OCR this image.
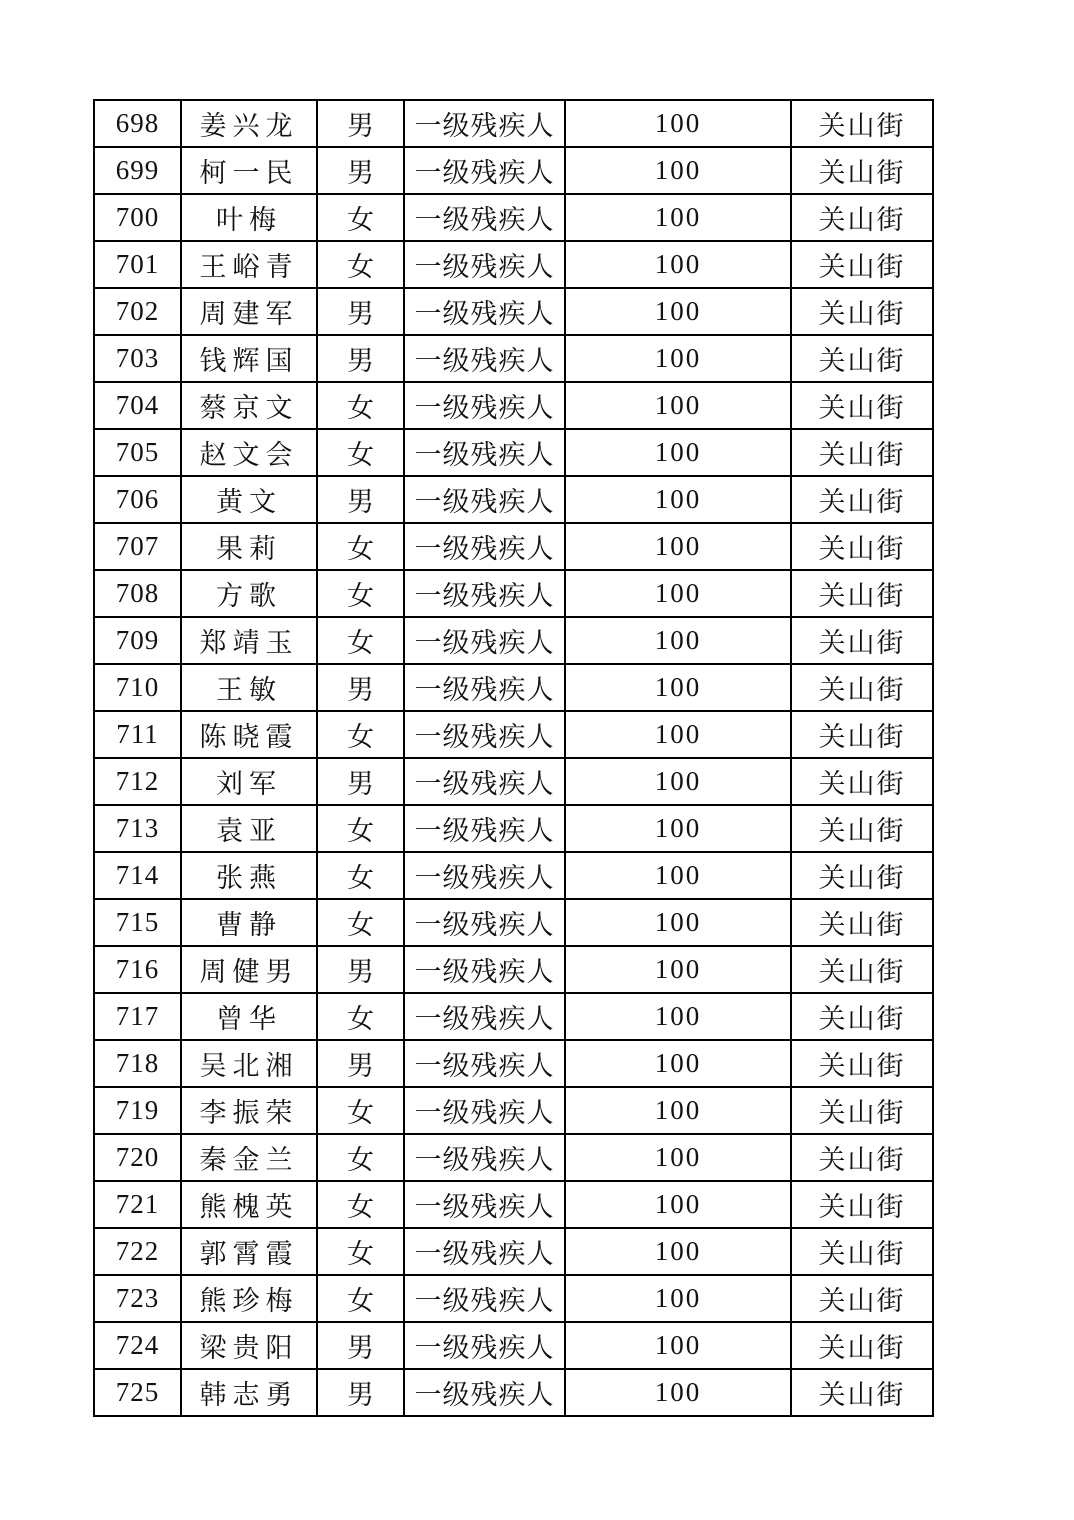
698	姜兴龙	男	一级残疾人	100	关山街
699	柯一民	男	一级残疾人	100	关山街
700	叶梅	女	一级残疾人	100	关山街
701	王峪青	女	一级残疾人	100	关山街
702	周建军	男	一级残疾人	100	关山街
703	钱辉国	男	一级残疾人	100	关山街
704	蔡京文	女	一级残疾人	100	关山街
705	赵文会	女	一级残疾人	100	关山街
706	黄文	男	一级残疾人	100	关山街
707	果莉	女	一级残疾人	100	关山街
708	方歌	女	一级残疾人	100	关山街
709	郑靖玉	女	一级残疾人	100	关山街
710	王敏	男	一级残疾人	100	关山街
711	陈晓霞	女	一级残疾人	100	关山街
712	刘军	男	一级残疾人	100	关山街
713	袁亚	女	一级残疾人	100	关山街
714	张燕	女	一级残疾人	100	关山街
715	曹静	女	一级残疾人	100	关山街
716	周健男	男	一级残疾人	100	关山街
717	曾华	女	一级残疾人	100	关山街
718	吴北湘	男	一级残疾人	100	关山街
719	李振荣	女	一级残疾人	100	关山街
720	秦金兰	女	一级残疾人	100	关山街
721	熊槐英	女	一级残疾人	100	关山街
722	郭霄霞	女	一级残疾人	100	关山街
723	熊珍梅	女	一级残疾人	100	关山街
724	梁贵阳	男	一级残疾人	100	关山街
725	韩志勇	男	一级残疾人	100	关山街
